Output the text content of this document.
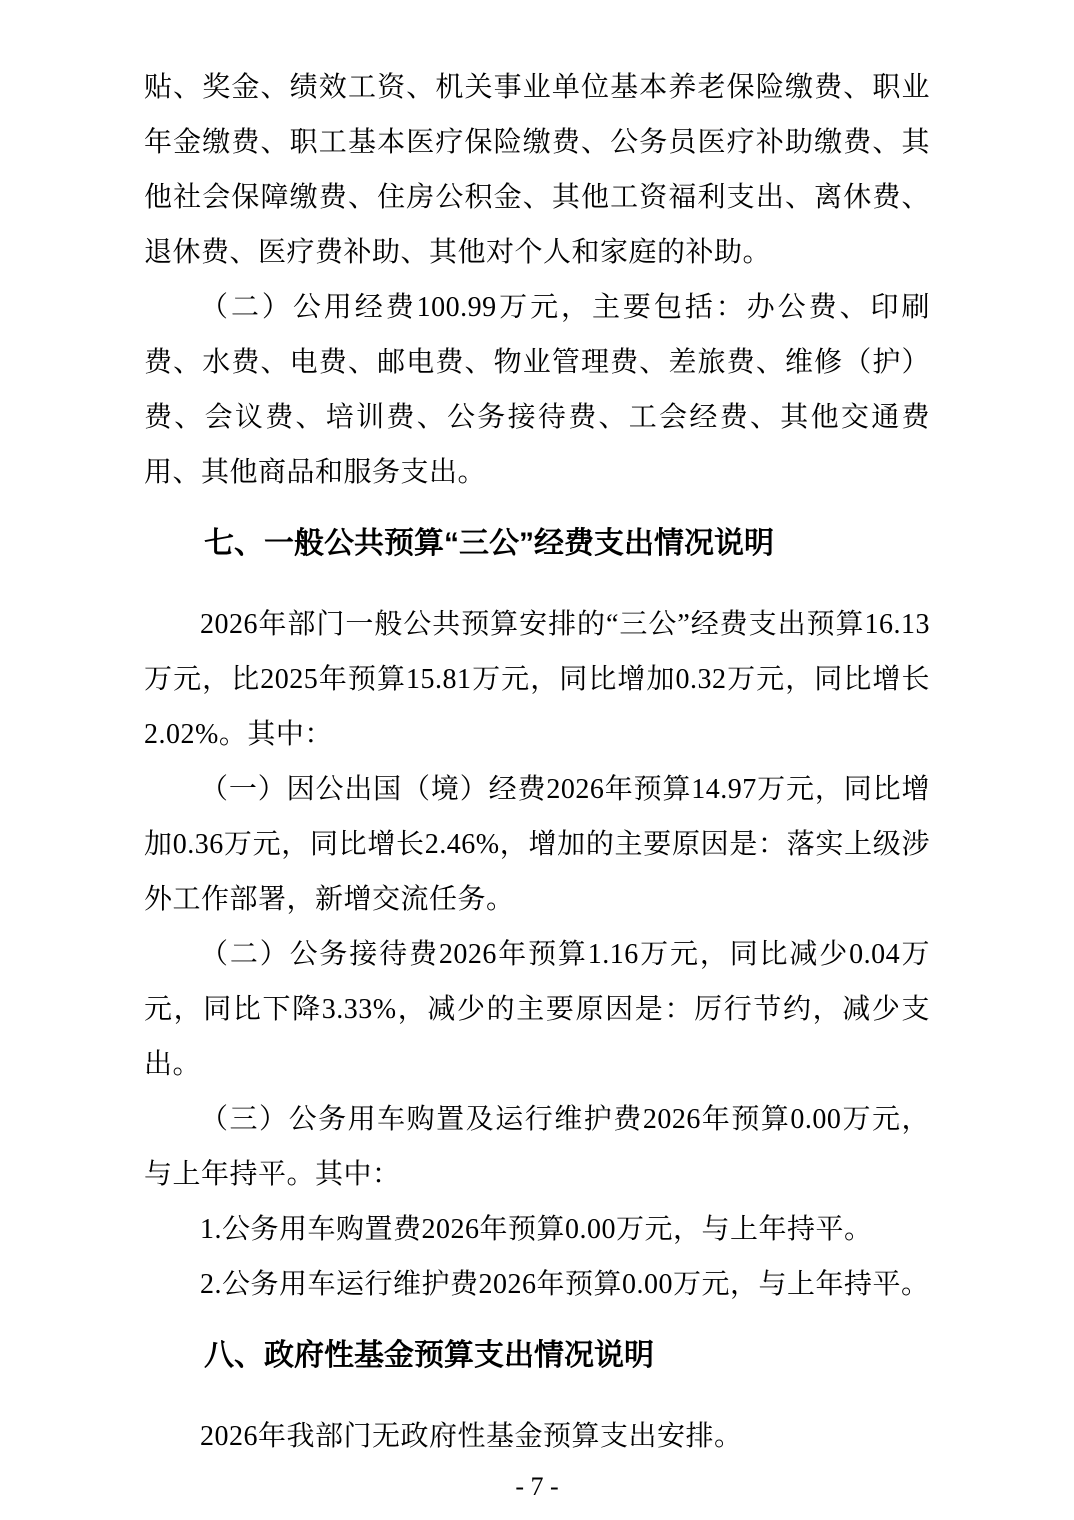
贴、奖金、绩效工资、机关事业单位基本养老保险缴费、职业年金缴费、职工基本医疗保险缴费、公务员医疗补助缴费、其他社会保障缴费、住房公积金、其他工资福利支出、离休费、退休费、医疗费补助、其他对个人和家庭的补助。

（二）公用经费100.99万元，主要包括：办公费、印刷费、水费、电费、邮电费、物业管理费、差旅费、维修（护）费、会议费、培训费、公务接待费、工会经费、其他交通费用、其他商品和服务支出。

七、一般公共预算“三公”经费支出情况说明

2026年部门一般公共预算安排的“三公”经费支出预算16.13万元，比2025年预算15.81万元，同比增加0.32万元，同比增长2.02%。其中：

（一）因公出国（境）经费2026年预算14.97万元，同比增加0.36万元，同比增长2.46%，增加的主要原因是：落实上级涉外工作部署，新增交流任务。

（二）公务接待费2026年预算1.16万元，同比减少0.04万元，同比下降3.33%，减少的主要原因是：厉行节约，减少支出。

（三）公务用车购置及运行维护费2026年预算0.00万元，与上年持平。其中：

1.公务用车购置费2026年预算0.00万元，与上年持平。

2.公务用车运行维护费2026年预算0.00万元，与上年持平。

八、政府性基金预算支出情况说明

2026年我部门无政府性基金预算支出安排。

- 7 -
